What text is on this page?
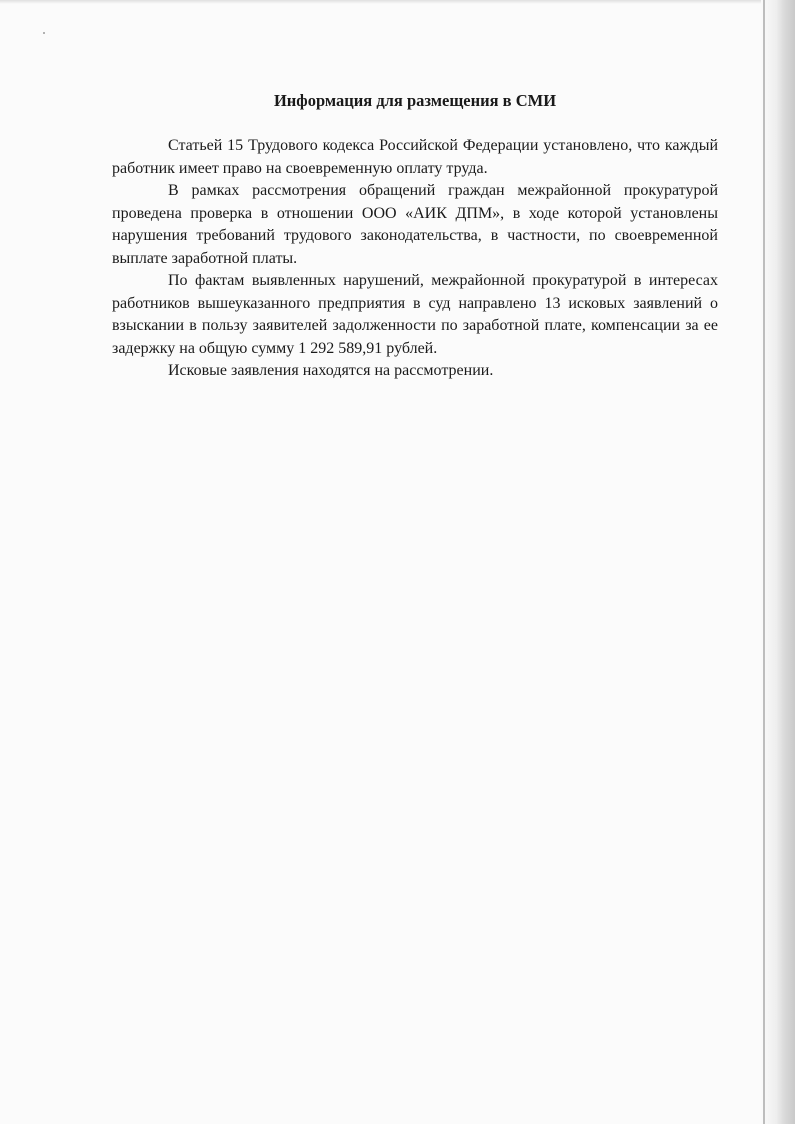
Информация для размещения в СМИ

Статьей 15 Трудового кодекса Российской Федерации установлено, что каждый работник имеет право на своевременную оплату труда.

В рамках рассмотрения обращений граждан межрайонной прокуратурой проведена проверка в отношении ООО «АИК ДПМ», в ходе которой установлены нарушения требований трудового законодательства, в частности, по своевременной выплате заработной платы.

По фактам выявленных нарушений, межрайонной прокуратурой в интересах работников вышеуказанного предприятия в суд направлено 13 исковых заявлений о взыскании в пользу заявителей задолженности по заработной плате, компенсации за ее задержку на общую сумму 1 292 589,91 рублей.

Исковые заявления находятся на рассмотрении.
